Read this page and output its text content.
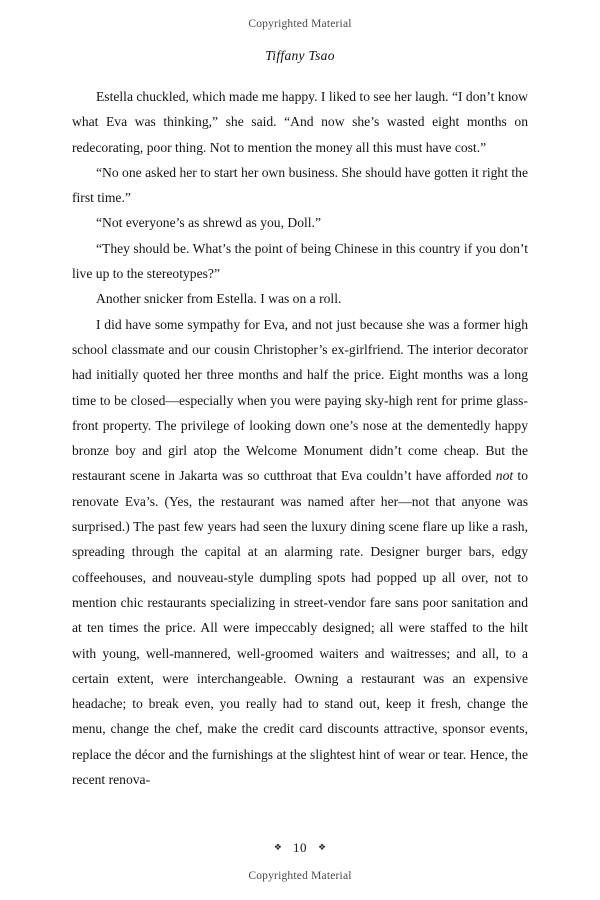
Copyrighted Material
Tiffany Tsao

Estella chuckled, which made me happy. I liked to see her laugh. “I don’t know what Eva was thinking,” she said. “And now she’s wasted eight months on redecorating, poor thing. Not to mention the money all this must have cost.”

“No one asked her to start her own business. She should have gotten it right the first time.”

“Not everyone’s as shrewd as you, Doll.”

“They should be. What’s the point of being Chinese in this country if you don’t live up to the stereotypes?”

Another snicker from Estella. I was on a roll.

I did have some sympathy for Eva, and not just because she was a former high school classmate and our cousin Christopher’s ex-girlfriend. The interior decorator had initially quoted her three months and half the price. Eight months was a long time to be closed—especially when you were paying sky-high rent for prime glass-front property. The privilege of looking down one’s nose at the dementedly happy bronze boy and girl atop the Welcome Monument didn’t come cheap. But the restaurant scene in Jakarta was so cutthroat that Eva couldn’t have afforded not to renovate Eva’s. (Yes, the restaurant was named after her—not that anyone was surprised.) The past few years had seen the luxury dining scene flare up like a rash, spreading through the capital at an alarming rate. Designer burger bars, edgy coffeehouses, and nouveau-style dumpling spots had popped up all over, not to mention chic restaurants specializing in street-vendor fare sans poor sanitation and at ten times the price. All were impeccably designed; all were staffed to the hilt with young, well-mannered, well-groomed waiters and waitresses; and all, to a certain extent, were interchangeable. Owning a restaurant was an expensive headache; to break even, you really had to stand out, keep it fresh, change the menu, change the chef, make the credit card discounts attractive, sponsor events, replace the décor and the furnishings at the slightest hint of wear or tear. Hence, the recent renova-

❖ 10 ❖
Copyrighted Material
